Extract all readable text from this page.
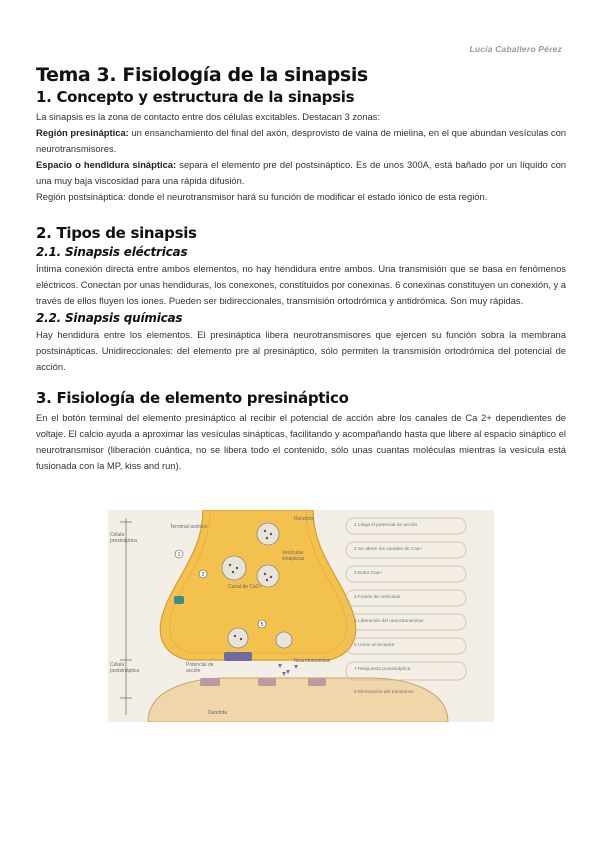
Lucía Caballero Pérez
Tema 3. Fisiología de la sinapsis
1. Concepto y estructura de la sinapsis

La sinapsis es la zona de contacto entre dos células excitables. Destacan 3 zonas:

Región presináptica: un ensanchamiento del final del axón, desprovisto de vaina de mielina, en el que abundan vesículas con neurotransmisores.

Espacio o hendidura sináptica: separa el elemento pre del postsináptico. Es de unos 300A, está bañado por un líquido con una muy baja viscosidad para una rápida difusión.

Región postsináptica: donde el neurotransmisor hará su función de modificar el estado iónico de esta región.

2. Tipos de sinapsis
2.1. Sinapsis eléctricas

Íntima conexión directa entre ambos elementos, no hay hendidura entre ambos. Una transmisión que se basa en fenómenos eléctricos. Conectan por unas hendiduras, los conexones, constituidos por conexinas. 6 conexinas constituyen un conexión, y a través de ellos fluyen los iones. Pueden ser bidireccionales, transmisión ortodrómica y antidrómica. Son muy rápidas.

2.2. Sinapsis químicas

Hay hendidura entre los elementos. El presináptica libera neurotransmisores que ejercen su función sobra la membrana postsinápticas. Unidireccionales: del elemento pre al presináptico, sólo permiten la transmisión ortodrómica del potencial de acción.

3. Fisiología de elemento presináptico

En el botón terminal del elemento presináptico al recibir el potencial de acción abre los canales de Ca 2+ dependientes de voltaje. El calcio ayuda a aproximar las vesículas sinápticas, facilitando y acompañando hasta que libere al espacio sináptico el neurotransmisor (liberación cuántica, no se libera todo el contenido, sólo unas cuantas moléculas mientras la vesícula está fusionada con la MP, kiss and run).

1
2
5
Terminal axónico
Célula presináptica
Vesículas sinápticas
Canal de Ca2+
Célula postsináptica
Potencial de acción
Neurotransmisor
Dendrita
Receptor
1 Llega el potencial de acción
2 Se abren los canales de Ca2+
3 Entra Ca2+
4 Fusión de vesículas
5 Liberación del neurotransmisor
6 Unión al receptor
7 Respuesta postsináptica
8 Eliminación del transmisor
